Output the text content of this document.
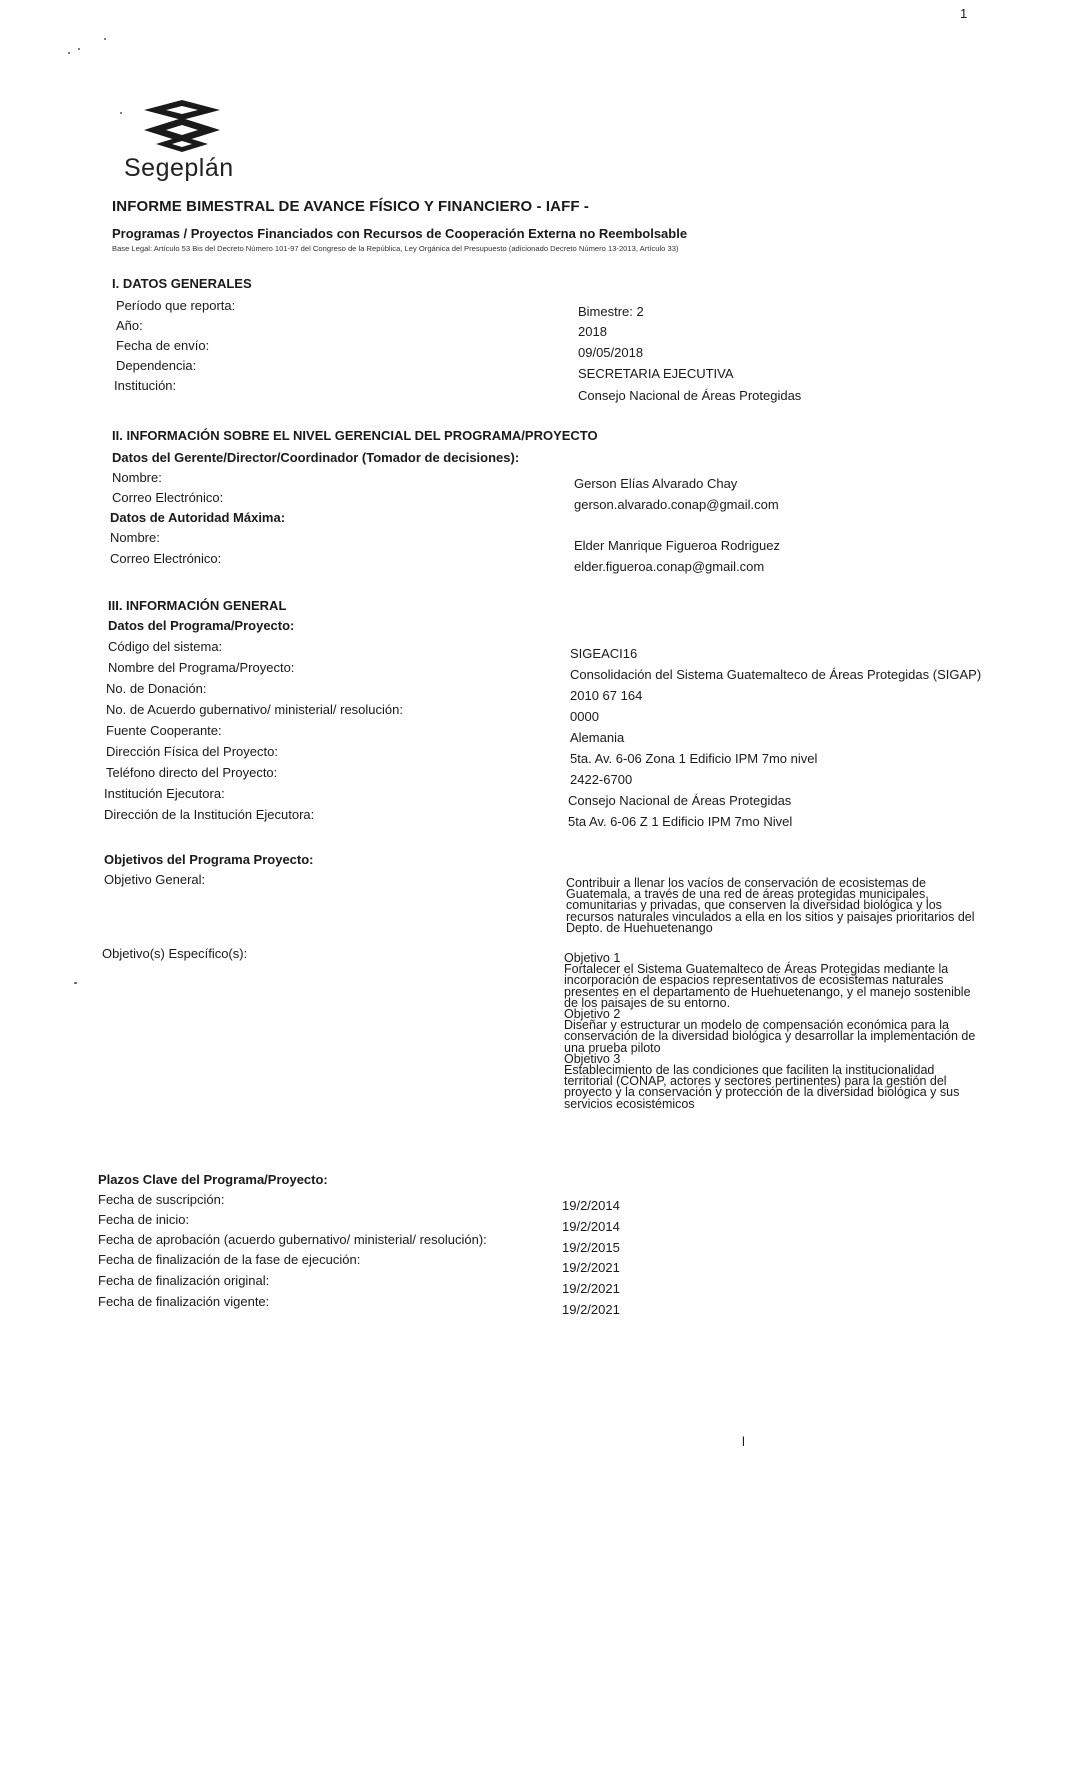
1
Segeplán
INFORME BIMESTRAL DE AVANCE FÍSICO Y FINANCIERO - IAFF -
Programas / Proyectos Financiados con Recursos de Cooperación Externa no Reembolsable
Base Legal: Artículo 53 Bis del Decreto Número 101-97 del Congreso de la República, Ley Orgánica del Presupuesto (adicionado Decreto Número 13-2013, Artículo 33)
I. DATOS GENERALES
Período que reporta:	Bimestre: 2
Año:	2018
Fecha de envío:	09/05/2018
Dependencia:
SECRETARIA EJECUTIVA
Institución:
Consejo Nacional de Áreas Protegidas
II. INFORMACIÓN SOBRE EL NIVEL GERENCIAL DEL PROGRAMA/PROYECTO
Datos del Gerente/Director/Coordinador (Tomador de decisiones):
Nombre:	Gerson Elías Alvarado Chay
Correo Electrónico:	gerson.alvarado.conap@gmail.com
Datos de Autoridad Máxima:
Nombre:
Elder Manrique Figueroa Rodriguez
Correo Electrónico:
elder.figueroa.conap@gmail.com
III. INFORMACIÓN GENERAL
Datos del Programa/Proyecto:
Código del sistema:	SIGEACI16
Nombre del Programa/Proyecto:	Consolidación del Sistema Guatemalteco de Áreas Protegidas (SIGAP)
No. de Donación:	2010 67 164
No. de Acuerdo gubernativo/ ministerial/ resolución:	0000
Fuente Cooperante:	Alemania
Dirección Física del Proyecto:	5ta. Av. 6-06 Zona 1 Edificio IPM 7mo nivel
Teléfono directo del Proyecto:	2422-6700
Institución Ejecutora:	Consejo Nacional de Áreas Protegidas
Dirección de la Institución Ejecutora:	5ta Av. 6-06 Z 1 Edificio IPM 7mo Nivel
Objetivos del Programa Proyecto:
Objetivo General:	Contribuir a llenar los vacíos de conservación de ecosistemas de
Guatemala, a través de una red de áreas protegidas municipales,
comunitarias y privadas, que conserven la diversidad biológica y los
recursos naturales vinculados a ella en los sitios y paisajes prioritarios del
Depto. de Huehuetenango
Objetivo(s) Específico(s):	Objetivo 1
Fortalecer el Sistema Guatemalteco de Áreas Protegidas mediante la
incorporación de espacios representativos de ecosistemas naturales
presentes en el departamento de Huehuetenango, y el manejo sostenible
de los paisajes de su entorno.
Objetivo 2
Diseñar y estructurar un modelo de compensación económica para la
conservación de la diversidad biológica y desarrollar la implementación de
una prueba piloto
Objetivo 3
Establecimiento de las condiciones que faciliten la institucionalidad
territorial (CONAP, actores y sectores pertinentes) para la gestión del
proyecto y la conservación y protección de la diversidad biológica y sus
servicios ecosistémicos
Plazos Clave del Programa/Proyecto:
Fecha de suscripción:	19/2/2014
Fecha de inicio:	19/2/2014
Fecha de aprobación (acuerdo gubernativo/ ministerial/ resolución):
19/2/2015
Fecha de finalización de la fase de ejecución:
19/2/2021
Fecha de finalización original:
19/2/2021
Fecha de finalización vigente:
19/2/2021
l
